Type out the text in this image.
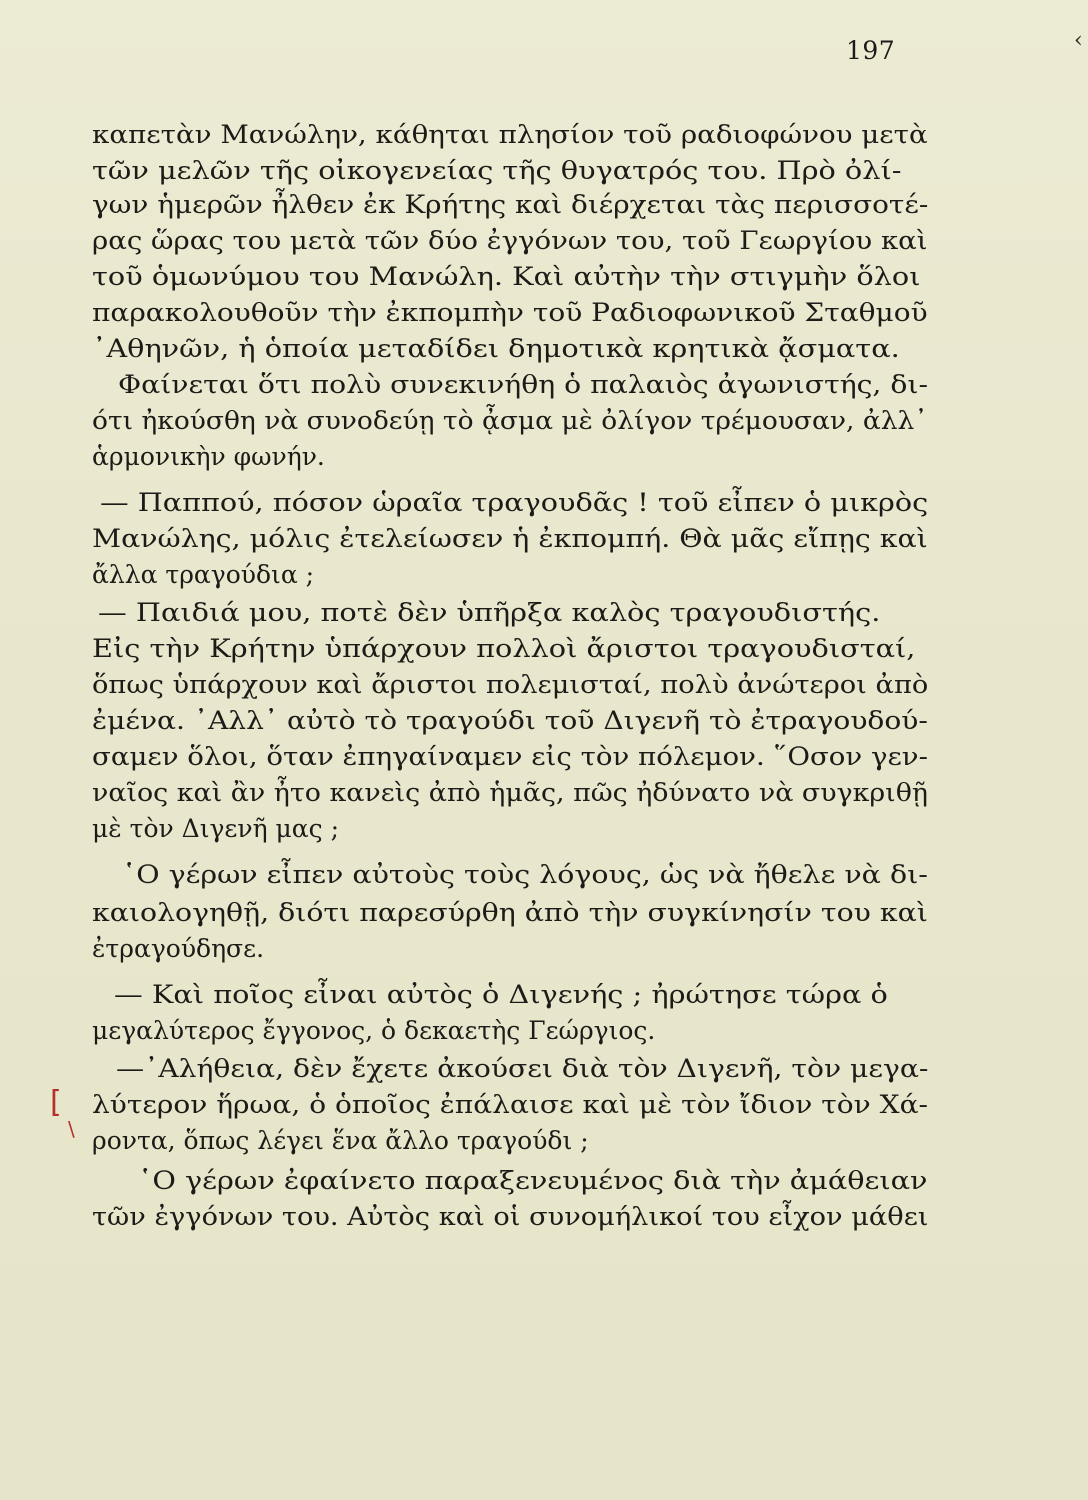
‹
197
καπετὰν Μανώλην, κάθηται πλησίον τοῦ ραδιοφώνου μετὰ
τῶν μελῶν τῆς οἰκογενείας τῆς θυγατρός του. Πρὸ ὀλί-
γων ἡμερῶν ἦλθεν ἐκ Κρήτης καὶ διέρχεται τὰς περισσοτέ-
ρας ὥρας του μετὰ τῶν δύο ἐγγόνων του, τοῦ Γεωργίου καὶ
τοῦ ὁμωνύμου του Μανώλη. Καὶ αὐτὴν τὴν στιγμὴν ὅλοι
παρακολουθοῦν τὴν ἐκπομπὴν τοῦ Ραδιοφωνικοῦ Σταθμοῦ
᾿Αθηνῶν, ἡ ὁποία μεταδίδει δημοτικὰ κρητικὰ ᾄσματα.
Φαίνεται ὅτι πολὺ συνεκινήθη ὁ παλαιὸς ἀγωνιστής, δι-
ότι ἠκούσθη νὰ συνοδεύῃ τὸ ᾆσμα μὲ ὀλίγον τρέμουσαν, ἀλλ᾿
ἁρμονικὴν φωνήν.
— Παππού, πόσον ὡραῖα τραγουδᾶς ! τοῦ εἶπεν ὁ μικρὸς
Μανώλης, μόλις ἐτελείωσεν ἡ ἐκπομπή. Θὰ μᾶς εἴπῃς καὶ
ἄλλα τραγούδια ;
— Παιδιά μου, ποτὲ δὲν ὑπῆρξα καλὸς τραγουδιστής.
Εἰς τὴν Κρήτην ὑπάρχουν πολλοὶ ἄριστοι τραγουδισταί,
ὅπως ὑπάρχουν καὶ ἄριστοι πολεμισταί, πολὺ ἀνώτεροι ἀπὸ
ἐμένα. ᾿Αλλ᾿ αὐτὸ τὸ τραγούδι τοῦ Διγενῆ τὸ ἐτραγουδού-
σαμεν ὅλοι, ὅταν ἐπηγαίναμεν εἰς τὸν πόλεμον. ῞Οσον γεν-
ναῖος καὶ ἂν ἦτο κανεὶς ἀπὸ ἡμᾶς, πῶς ἠδύνατο νὰ συγκριθῇ
μὲ τὸν Διγενῆ μας ;
῾Ο γέρων εἶπεν αὐτοὺς τοὺς λόγους, ὡς νὰ ἤθελε νὰ δι-
καιολογηθῇ, διότι παρεσύρθη ἀπὸ τὴν συγκίνησίν του καὶ
ἐτραγούδησε.
— Καὶ ποῖος εἶναι αὐτὸς ὁ Διγενής ; ἠρώτησε τώρα ὁ
μεγαλύτερος ἔγγονος, ὁ δεκαετὴς Γεώργιος.
—᾿Αλήθεια, δὲν ἔχετε ἀκούσει διὰ τὸν Διγενῆ, τὸν μεγα-
λύτερον ἥρωα, ὁ ὁποῖος ἐπάλαισε καὶ μὲ τὸν ἴδιον τὸν Χά-
ροντα, ὅπως λέγει ἕνα ἄλλο τραγούδι ;
῾Ο γέρων ἐφαίνετο παραξενευμένος διὰ τὴν ἀμάθειαν
τῶν ἐγγόνων του. Αὐτὸς καὶ οἱ συνομήλικοί του εἶχον μάθει
[
\
